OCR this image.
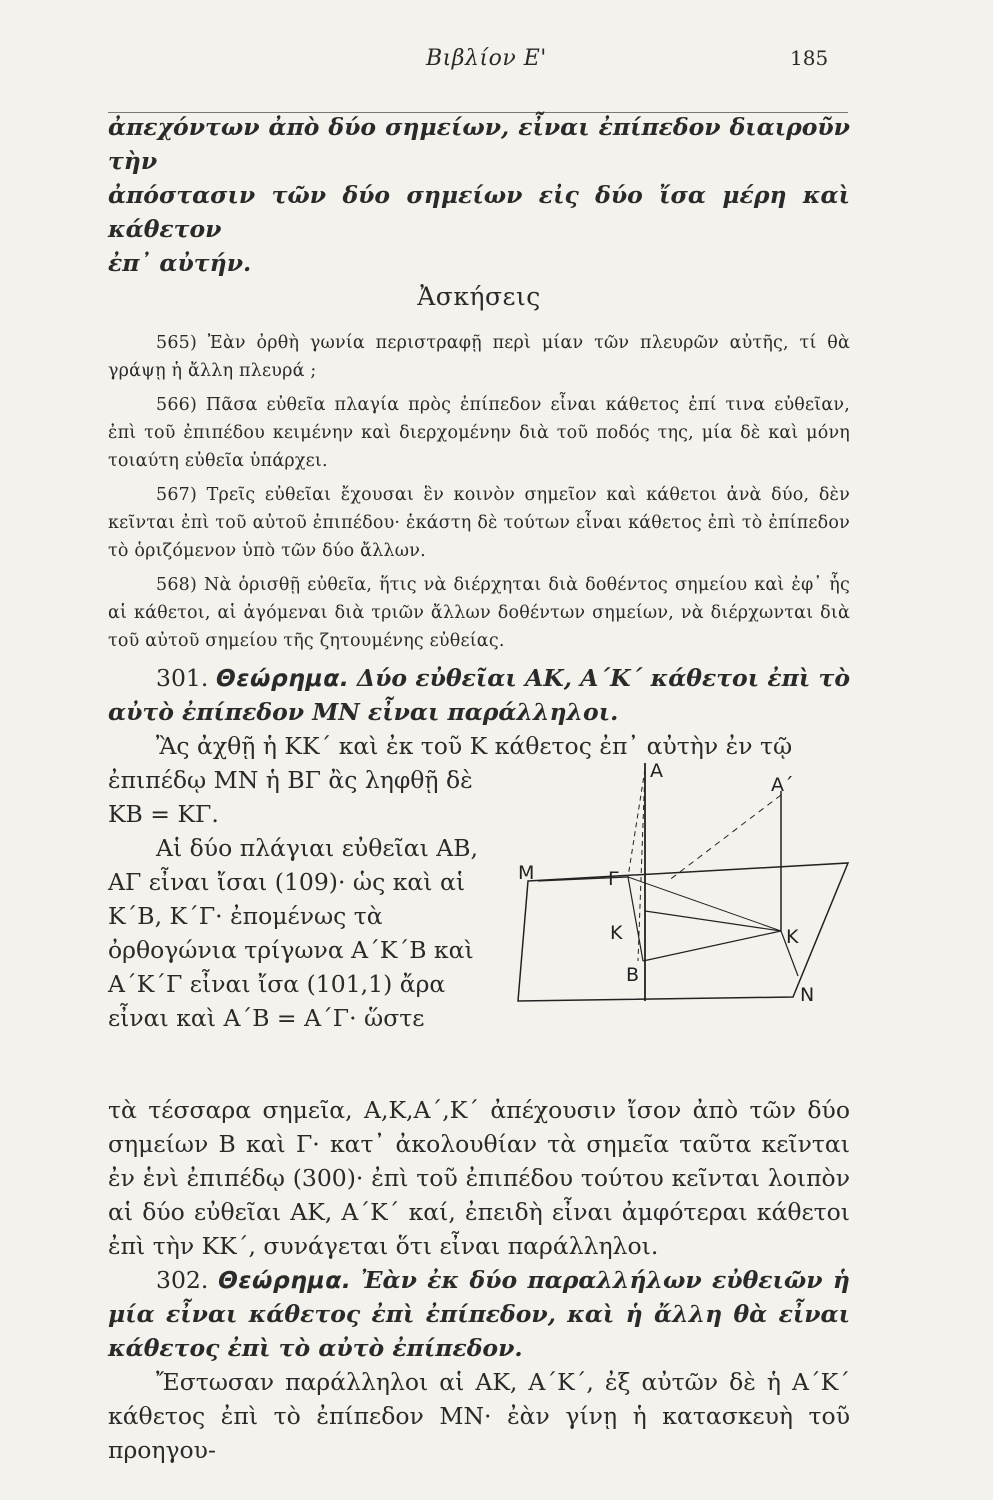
Βιβλίον Ε'	185

ἀπεχόντων ἀπὸ δύο σημείων, εἶναι ἐπίπεδον διαιροῦν τὴν
ἀπόστασιν τῶν δύο σημείων εἰς δύο ἴσα μέρη καὶ κάθετον
ἐπ᾽ αὐτήν.

Ἀσκήσεις

565) Ἐὰν ὀρθὴ γωνία περιστραφῇ περὶ μίαν τῶν πλευρῶν αὐτῆς, τί θὰ γράψῃ ἡ ἄλλη πλευρά ;

566) Πᾶσα εὐθεῖα πλαγία πρὸς ἐπίπεδον εἶναι κάθετος ἐπί τινα εὐθεῖαν, ἐπὶ τοῦ ἐπιπέδου κειμένην καὶ διερχομένην διὰ τοῦ ποδός της, μία δὲ καὶ μόνη τοιαύτη εὐθεῖα ὑπάρχει.

567) Τρεῖς εὐθεῖαι ἔχουσαι ἓν κοινὸν σημεῖον καὶ κάθετοι ἀνὰ δύο, δὲν κεῖνται ἐπὶ τοῦ αὐτοῦ ἐπιπέδου· ἑκάστη δὲ τούτων εἶναι κάθετος ἐπὶ τὸ ἐπίπεδον τὸ ὁριζόμενον ὑπὸ τῶν δύο ἄλλων.

568) Νὰ ὁρισθῇ εὐθεῖα, ἥτις νὰ διέρχηται διὰ δοθέντος σημείου καὶ ἐφ᾽ ἧς αἱ κάθετοι, αἱ ἀγόμεναι διὰ τριῶν ἄλλων δοθέντων σημείων, νὰ διέρχωνται διὰ τοῦ αὐτοῦ σημείου τῆς ζητουμένης εὐθείας.

301. Θεώρημα. Δύο εὐθεῖαι ΑΚ, Α΄Κ΄ κάθετοι ἐπὶ τὸ αὐτὸ ἐπίπεδον ΜΝ εἶναι παράλληλοι.

Ἂς ἀχθῇ ἡ ΚΚ΄ καὶ ἐκ τοῦ Κ κάθετος ἐπ᾽ αὐτὴν ἐν τῷ

ἐπιπέδῳ ΜΝ ἡ ΒΓ ἂς ληφθῇ δὲ ΚΒ = ΚΓ.

Αἱ δύο πλάγιαι εὐθεῖαι ΑΒ, ΑΓ εἶναι ἴσαι (109)· ὡς καὶ αἱ Κ΄Β, Κ΄Γ· ἐπομένως τὰ ὀρθογώνια τρίγωνα Α΄Κ΄Β καὶ Α΄Κ΄Γ εἶναι ἴσα (101,1) ἄρα εἶναι καὶ Α΄Β = Α΄Γ· ὥστε

A
A΄
M	Γ
K	K
B
N

τὰ τέσσαρα σημεῖα, Α,Κ,Α΄,Κ΄ ἀπέχουσιν ἴσον ἀπὸ τῶν δύο σημείων Β καὶ Γ· κατ᾽ ἀκολουθίαν τὰ σημεῖα ταῦτα κεῖνται ἐν ἑνὶ ἐπιπέδῳ (300)· ἐπὶ τοῦ ἐπιπέδου τούτου κεῖνται λοιπὸν αἱ δύο εὐθεῖαι ΑΚ, Α΄Κ΄ καί, ἐπειδὴ εἶναι ἀμφότεραι κάθετοι ἐπὶ τὴν ΚΚ΄, συνάγεται ὅτι εἶναι παράλληλοι.

302. Θεώρημα. Ἐὰν ἐκ δύο παραλλήλων εὐθειῶν ἡ μία εἶναι κάθετος ἐπὶ ἐπίπεδον, καὶ ἡ ἄλλη θὰ εἶναι κάθετος ἐπὶ τὸ αὐτὸ ἐπίπεδον.

Ἔστωσαν παράλληλοι αἱ ΑΚ, Α΄Κ΄, ἐξ αὐτῶν δὲ ἡ Α΄Κ΄ κάθετος ἐπὶ τὸ ἐπίπεδον ΜΝ· ἐὰν γίνῃ ἡ κατασκευὴ τοῦ προηγου-
